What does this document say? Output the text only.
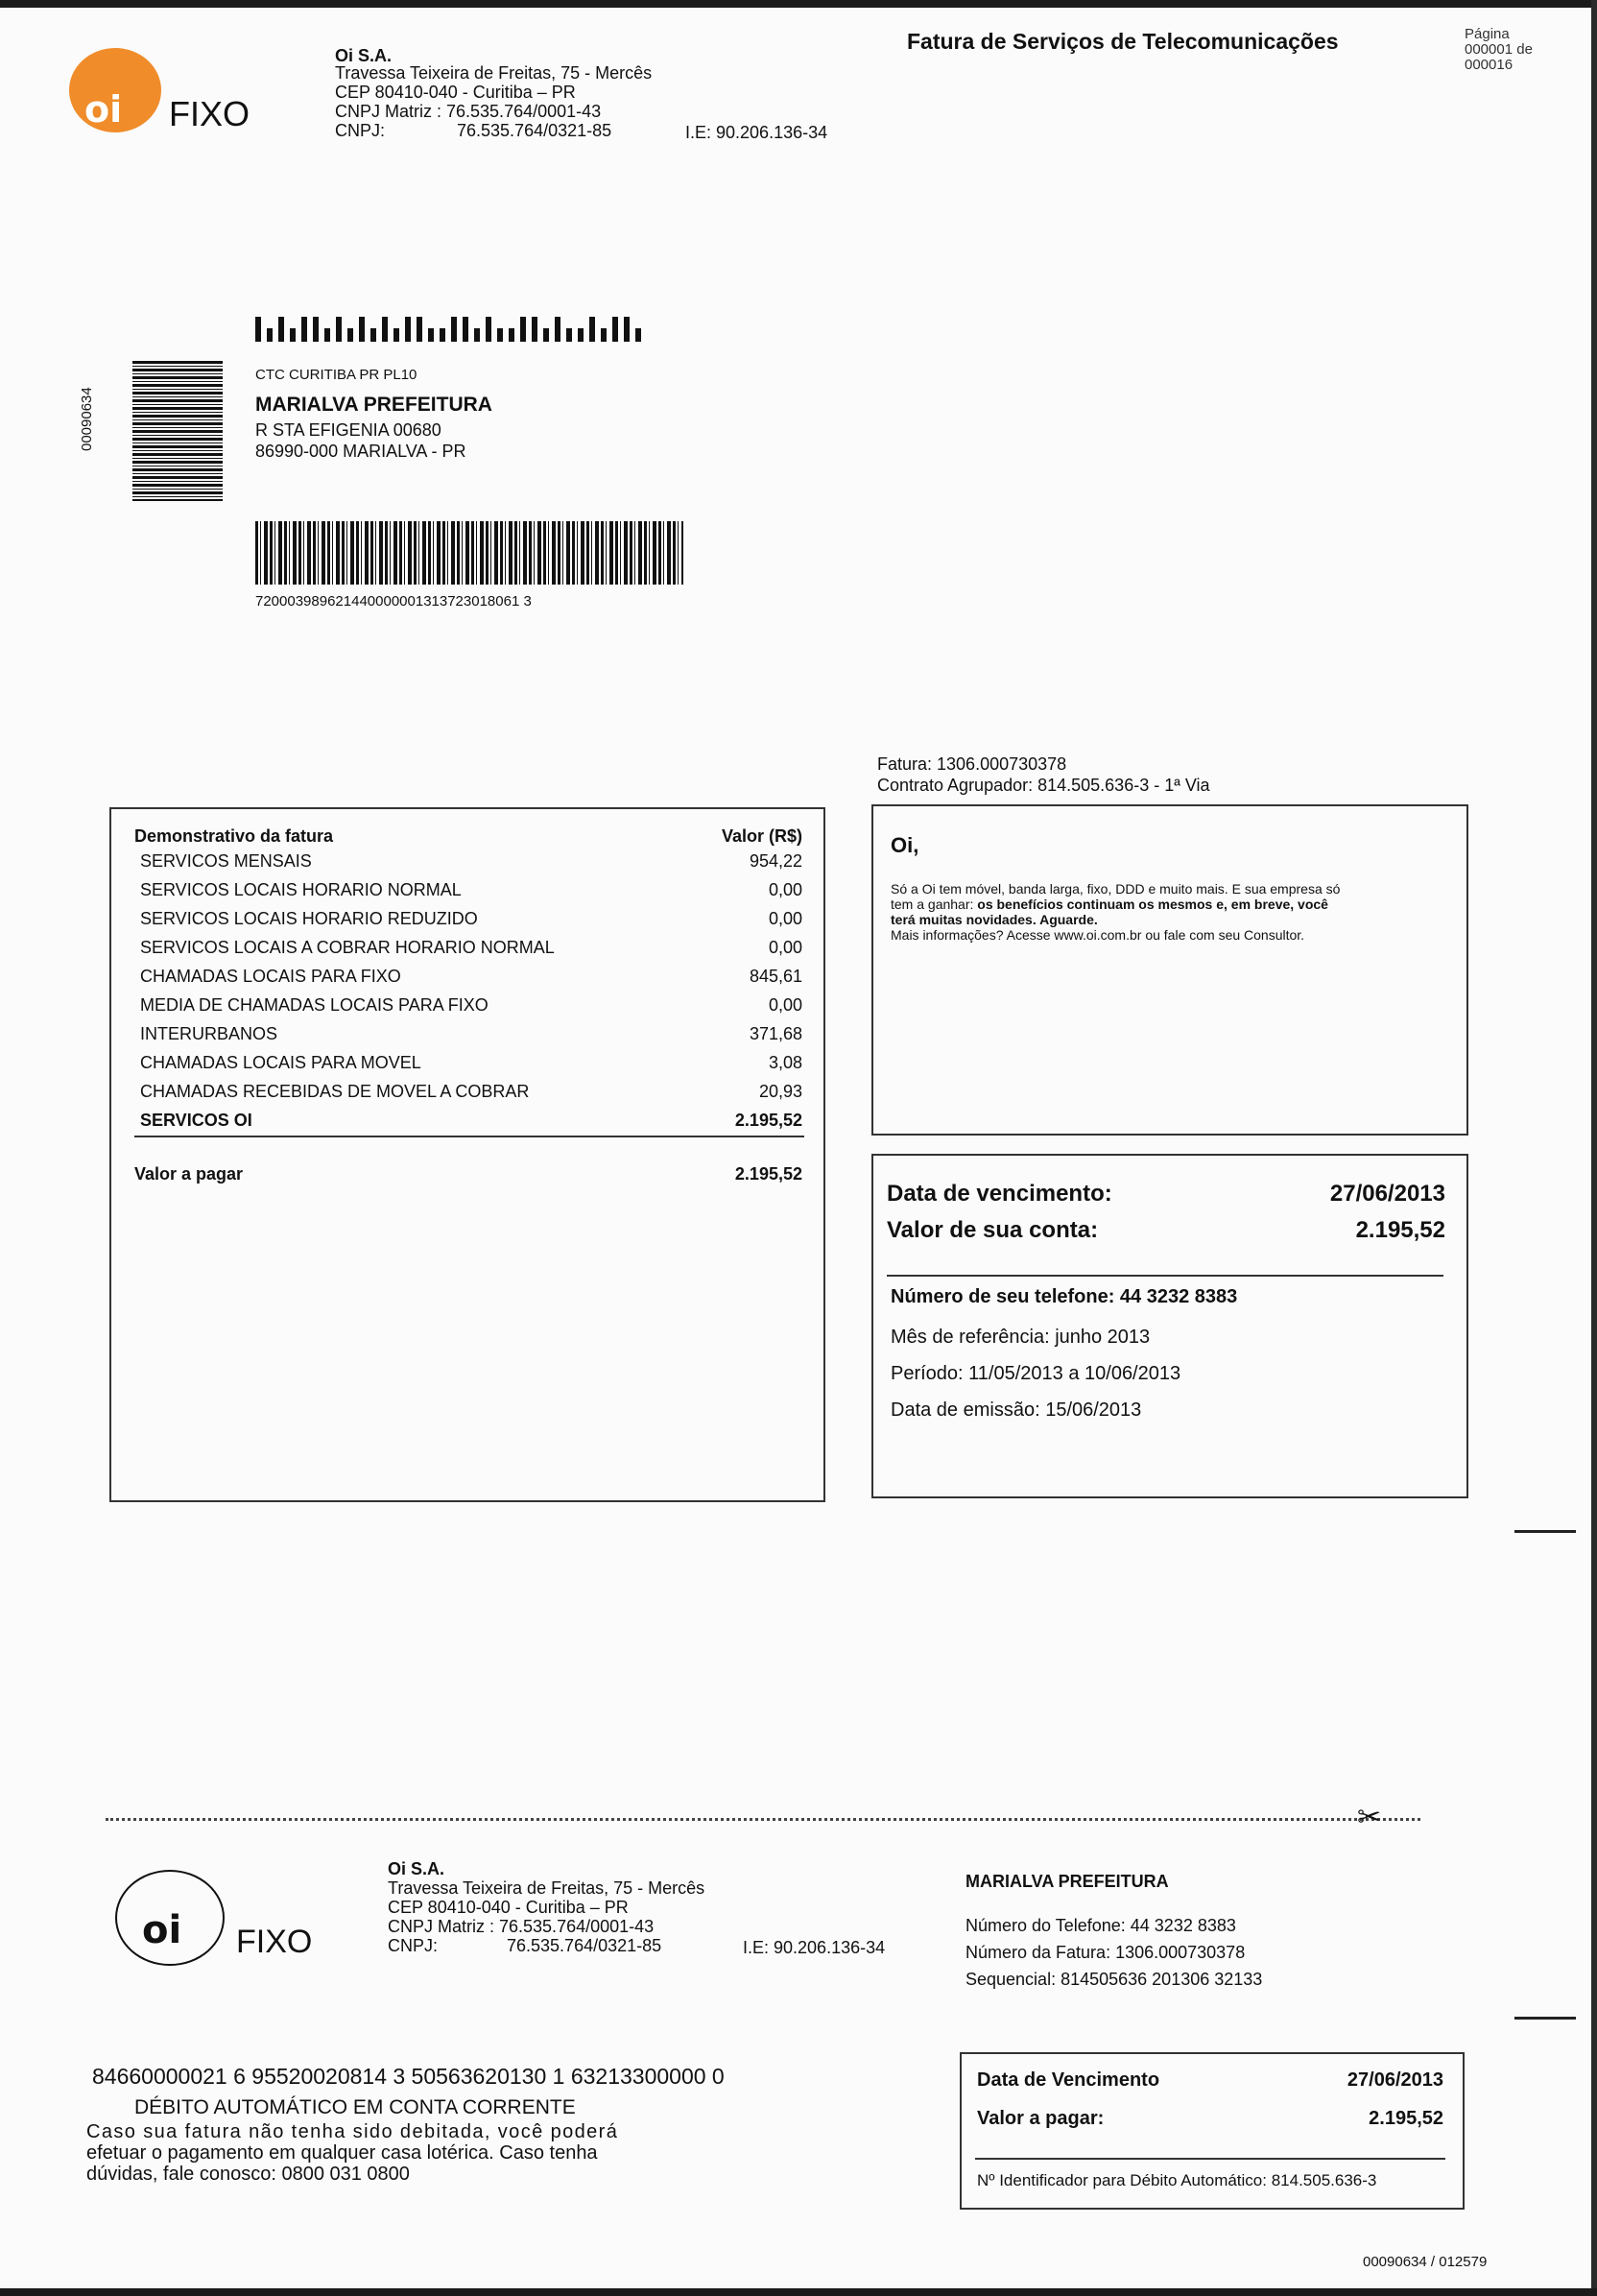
oi FIXO
Oi S.A.
Travessa Teixeira de Freitas, 75 - Mercês
CEP 80410-040 - Curitiba – PR
CNPJ Matriz : 76.535.764/0001-43
CNPJ:	76.535.764/0321-85	I.E: 90.206.136-34
Fatura de Serviços de Telecomunicações	Página
000001 de
000016
00090634
CTC CURITIBA PR PL10
MARIALVA PREFEITURA
R STA EFIGENIA 00680
86990-000 MARIALVA - PR
720003989621440000001313723018061 3
Fatura: 1306.000730378
Contrato Agrupador: 814.505.636-3 - 1ª Via
Demonstrativo da fatura	Valor (R$)
SERVICOS MENSAIS	954,22
SERVICOS LOCAIS HORARIO NORMAL	0,00
SERVICOS LOCAIS HORARIO REDUZIDO	0,00
SERVICOS LOCAIS A COBRAR HORARIO NORMAL	0,00
CHAMADAS LOCAIS PARA FIXO	845,61
MEDIA DE CHAMADAS LOCAIS PARA FIXO	0,00
INTERURBANOS	371,68
CHAMADAS LOCAIS PARA MOVEL	3,08
CHAMADAS RECEBIDAS DE MOVEL A COBRAR	20,93
SERVICOS OI	2.195,52
Valor a pagar	2.195,52
Oi,
Só a Oi tem móvel, banda larga, fixo, DDD e muito mais. E sua empresa só
tem a ganhar: os benefícios continuam os mesmos e, em breve, você
terá muitas novidades. Aguarde.
Mais informações? Acesse www.oi.com.br ou fale com seu Consultor.
Data de vencimento:	27/06/2013
Valor de sua conta:	2.195,52
Número de seu telefone: 44 3232 8383
Mês de referência: junho 2013
Período: 11/05/2013 a 10/06/2013
Data de emissão: 15/06/2013
✂
oi FIXO
Oi S.A.
Travessa Teixeira de Freitas, 75 - Mercês
CEP 80410-040 - Curitiba – PR
CNPJ Matriz : 76.535.764/0001-43
CNPJ:	76.535.764/0321-85	I.E: 90.206.136-34
MARIALVA PREFEITURA
Número do Telefone: 44 3232 8383
Número da Fatura: 1306.000730378
Sequencial: 814505636 201306 32133
84660000021 6 95520020814 3 50563620130 1 63213300000 0
DÉBITO AUTOMÁTICO EM CONTA CORRENTE
Caso sua fatura não tenha sido debitada, você poderá
efetuar o pagamento em qualquer casa lotérica. Caso tenha
dúvidas, fale conosco: 0800 031 0800
Data de Vencimento	27/06/2013
Valor a pagar:	2.195,52
Nº Identificador para Débito Automático: 814.505.636-3
00090634 / 012579
